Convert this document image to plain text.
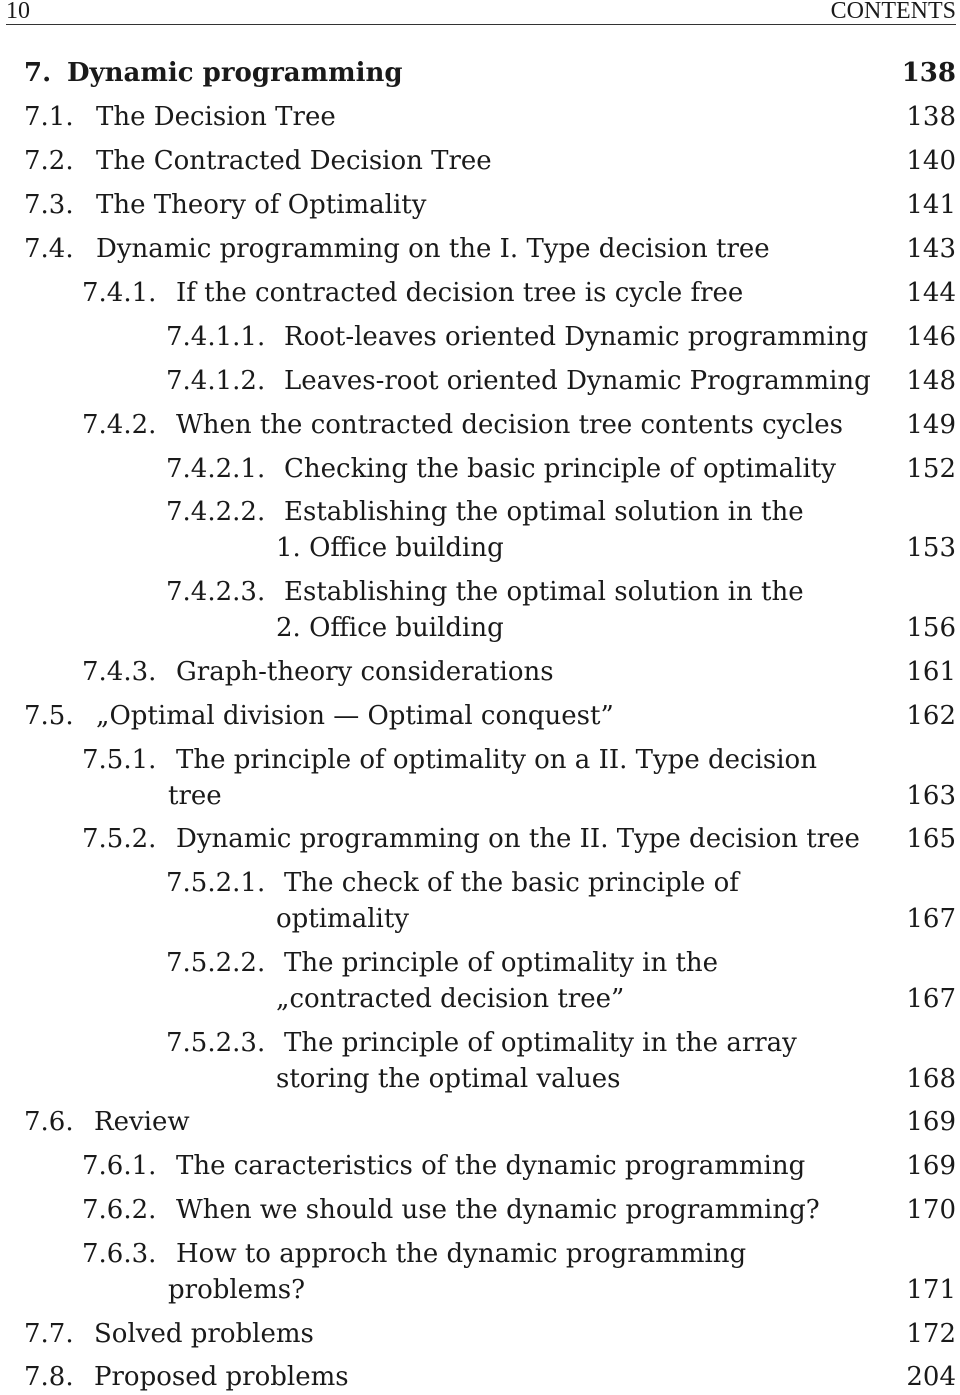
10	CONTENTS
7. Dynamic programming	138
7.1. The Decision Tree	138
7.2. The Contracted Decision Tree	140
7.3. The Theory of Optimality	141
7.4. Dynamic programming on the I. Type decision tree	143
7.4.1. If the contracted decision tree is cycle free	144
7.4.1.1. Root-leaves oriented Dynamic programming 146
7.4.1.2. Leaves-root oriented Dynamic Programming 148
7.4.2. When the contracted decision tree contents cycles 149
7.4.2.1. Checking the basic principle of optimality	152
7.4.2.2. Establishing the optimal solution in the
1. Office building	153
7.4.2.3. Establishing the optimal solution in the
2. Office building	156
7.4.3. Graph-theory considerations	161
7.5. „Optimal division — Optimal conquest”	162
7.5.1. The principle of optimality on a II. Type decision
tree	163
7.5.2. Dynamic programming on the II. Type decision tree 165
7.5.2.1. The check of the basic principle of
optimality	167
7.5.2.2. The principle of optimality in the
„contracted decision tree”	167
7.5.2.3. The principle of optimality in the array
storing the optimal values	168
7.6. Review	169
7.6.1. The caracteristics of the dynamic programming	169
7.6.2. When we should use the dynamic programming?	170
7.6.3. How to approch the dynamic programming
problems?	171
7.7. Solved problems	172
7.8. Proposed problems	204
